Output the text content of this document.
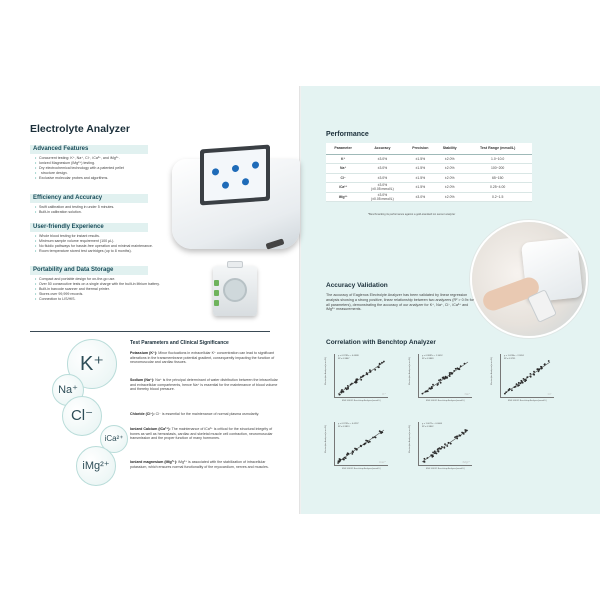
Electrolyte Analyzer
Advanced Features
• Concurrent testing: K⁺, Na⁺, Cl⁻, iCa²⁺, and iMg²⁺.
• Ionized Magnesium (iMg²⁺) testing.
• Dry electrochemical technology with a patented pellet
• structure design.
• Exclusive molecular probes and algorithms.
Efficiency and Accuracy
• Swift calibration and testing in under 5 minutes.
• Built-in calibration solution.
User-friendly Experience
• Whole blood testing for instant results.
• Minimum sample volume requirement (100 μL).
• No fluidic pathways for hassle-free operation and minimal maintenance.
• Room temperature stored test cartridges (up to 8 months).
Portability and Data Storage
• Compact and portable design for on-the-go use.
• Over 50 consecutive tests on a single charge with the built-in lithium battery.
• Built-in barcode scanner and thermal printer.
• Stores over 99,999 records.
• Connection to LIS/HIS.
K⁺
Na⁺
Cl⁻
iCa²⁺
iMg²⁺
Test Parameters and Clinical Significance
Potassium (K⁺): Minor fluctuations in extracellular K⁺ concentration can lead to significant alterations in the transmembrane potential gradient, consequently impacting the function of neuromuscular and cardiac tissues.
Sodium (Na⁺): Na⁺ is the principal determinant of water distribution between the intracellular and extracellular compartments, hence Na⁺ is essential for the maintenance of blood volume and thereby blood pressure.
Chloride (Cl⁻): Cl⁻ is essential for the maintenance of normal plasma osmolarity.
Ionized Calcium (iCa²⁺): The maintenance of iCa²⁺ is critical for the structural integrity of bones as well as hemostasis, cardiac and skeletal muscle cell contraction, neuromuscular transmission and the proper function of many hormones.
Ionized magnesium (iMg²⁺): iMg²⁺ is associated with the stabilization of intracellular potassium, which ensures normal functionality of the myocardium, nerves and muscles.
Performance
Parameter	Accuracy	Precision	Stability	Test Range (mmol/L)
K⁺	±3.0%	±1.5%	±2.0%	1.0~10.0
Na⁺	±3.0%	±1.5%	±2.0%	100~200
Cl⁻	±3.0%	±1.5%	±2.0%	65~150
iCa²⁺	±3.0%
(±0.05 mmol/L)	±1.5%	±2.0%	0.25~4.00
iMg²⁺	±3.0%
(±0.05 mmol/L)	±3.0%	±2.0%	0.2~1.5
*Benchmarking its performance against a gold-standard ion sensor analyzer
Accuracy Validation
The accuracy of Eaglenos Electrolyte Analyzer has been validated by linear regression analysis showing a strong positive, linear relationship between two analyzers (R² > 0.9x for all parameters), demonstrating the accuracy of our analyzer for K⁺, Na⁺, Cl⁻, iCa²⁺ and iMg²⁺ measurements.
Correlation with Benchtop Analyzer
Electrolyte Analyzer(mmol/L)
EML100/61 Benchtop Analyzer(mmol/L)
y = 0.9791x + 0.0588
R² = 0.9867
K⁺
Electrolyte Analyzer(mmol/L)
EML100/61 Benchtop Analyzer(mmol/L)
y = 0.9897x + 1.5052
R² = 0.9869
Na⁺
Electrolyte Analyzer(mmol/L)
EML100/61 Benchtop Analyzer(mmol/L)
y = 1.0234x - 2.3051
R² = 0.9751
Cl⁻
Electrolyte Analyzer(mmol/L)
EML100/61 Benchtop Analyzer(mmol/L)
y = 0.9731x + 0.0297
R² = 0.9813
iCa²⁺
Electrolyte Analyzer(mmol/L)
EML100/61 Benchtop Analyzer(mmol/L)
y = 1.0071x - 0.0064
R² = 0.9802
iMg²⁺
